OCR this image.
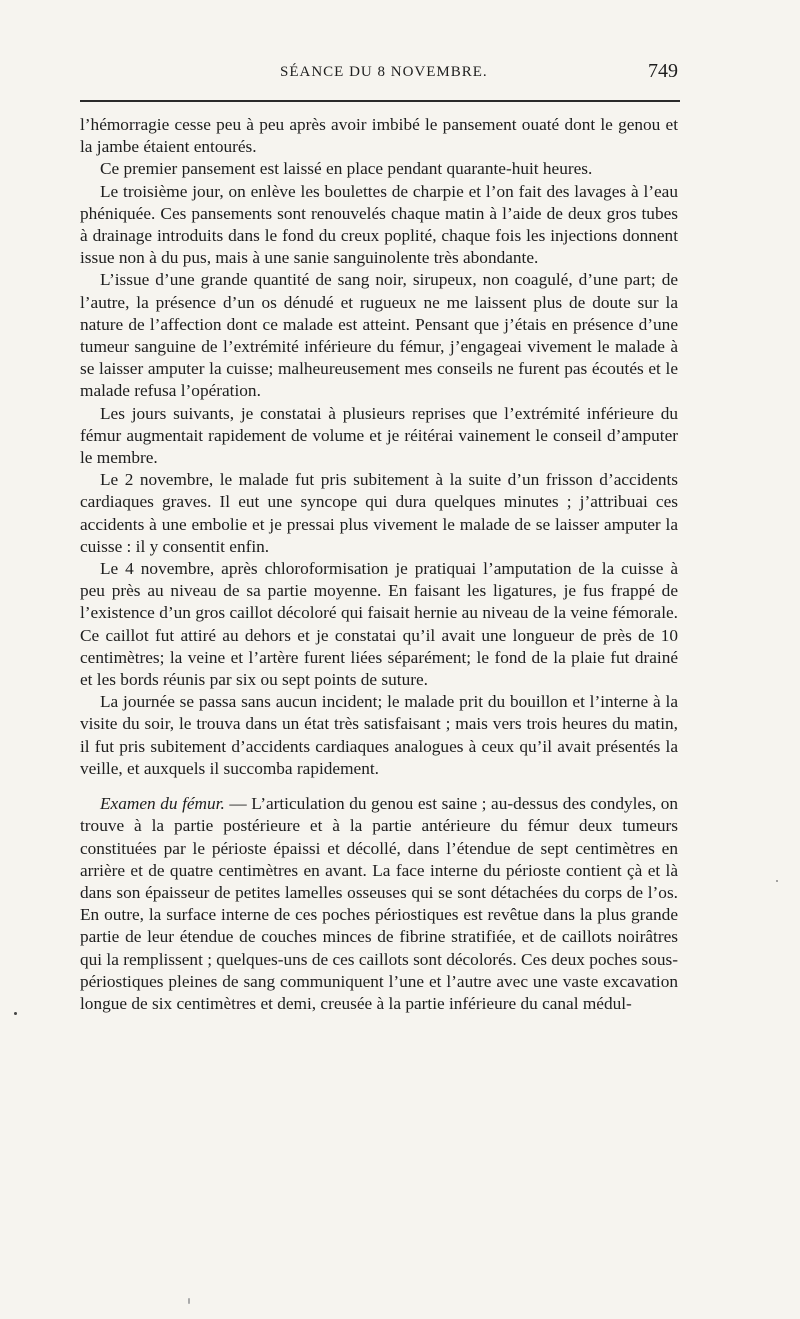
SÉANCE DU 8 NOVEMBRE.	749

l’hémorragie cesse peu à peu après avoir imbibé le pansement ouaté dont le genou et la jambe étaient entourés.

Ce premier pansement est laissé en place pendant quarante-huit heures.

Le troisième jour, on enlève les boulettes de charpie et l’on fait des lavages à l’eau phéniquée. Ces pansements sont renouvelés chaque matin à l’aide de deux gros tubes à drainage introduits dans le fond du creux poplité, chaque fois les injections donnent issue non à du pus, mais à une sanie sanguinolente très abondante.

L’issue d’une grande quantité de sang noir, sirupeux, non coagulé, d’une part; de l’autre, la présence d’un os dénudé et rugueux ne me laissent plus de doute sur la nature de l’affection dont ce malade est atteint. Pensant que j’étais en présence d’une tumeur sanguine de l’extrémité inférieure du fémur, j’engageai vivement le malade à se laisser amputer la cuisse; malheureusement mes conseils ne furent pas écoutés et le malade refusa l’opération.

Les jours suivants, je constatai à plusieurs reprises que l’extrémité inférieure du fémur augmentait rapidement de volume et je réitérai vainement le conseil d’amputer le membre.

Le 2 novembre, le malade fut pris subitement à la suite d’un frisson d’accidents cardiaques graves. Il eut une syncope qui dura quelques minutes ; j’attribuai ces accidents à une embolie et je pressai plus vivement le malade de se laisser amputer la cuisse : il y consentit enfin.

Le 4 novembre, après chloroformisation je pratiquai l’amputation de la cuisse à peu près au niveau de sa partie moyenne. En faisant les ligatures, je fus frappé de l’existence d’un gros caillot décoloré qui faisait hernie au niveau de la veine fémorale. Ce caillot fut attiré au dehors et je constatai qu’il avait une longueur de près de 10 centimètres; la veine et l’artère furent liées séparément; le fond de la plaie fut drainé et les bords réunis par six ou sept points de suture.

La journée se passa sans aucun incident; le malade prit du bouillon et l’interne à la visite du soir, le trouva dans un état très satisfaisant ; mais vers trois heures du matin, il fut pris subitement d’accidents cardiaques analogues à ceux qu’il avait présentés la veille, et auxquels il succomba rapidement.

Examen du fémur. — L’articulation du genou est saine ; au-dessus des condyles, on trouve à la partie postérieure et à la partie antérieure du fémur deux tumeurs constituées par le périoste épaissi et décollé, dans l’étendue de sept centimètres en arrière et de quatre centimètres en avant. La face interne du périoste contient çà et là dans son épaisseur de petites lamelles osseuses qui se sont détachées du corps de l’os. En outre, la surface interne de ces poches périostiques est revêtue dans la plus grande partie de leur étendue de couches minces de fibrine stratifiée, et de caillots noirâtres qui la remplissent ; quelques-uns de ces caillots sont décolorés. Ces deux poches sous-périostiques pleines de sang communiquent l’une et l’autre avec une vaste excavation longue de six centimètres et demi, creusée à la partie inférieure du canal médul-
